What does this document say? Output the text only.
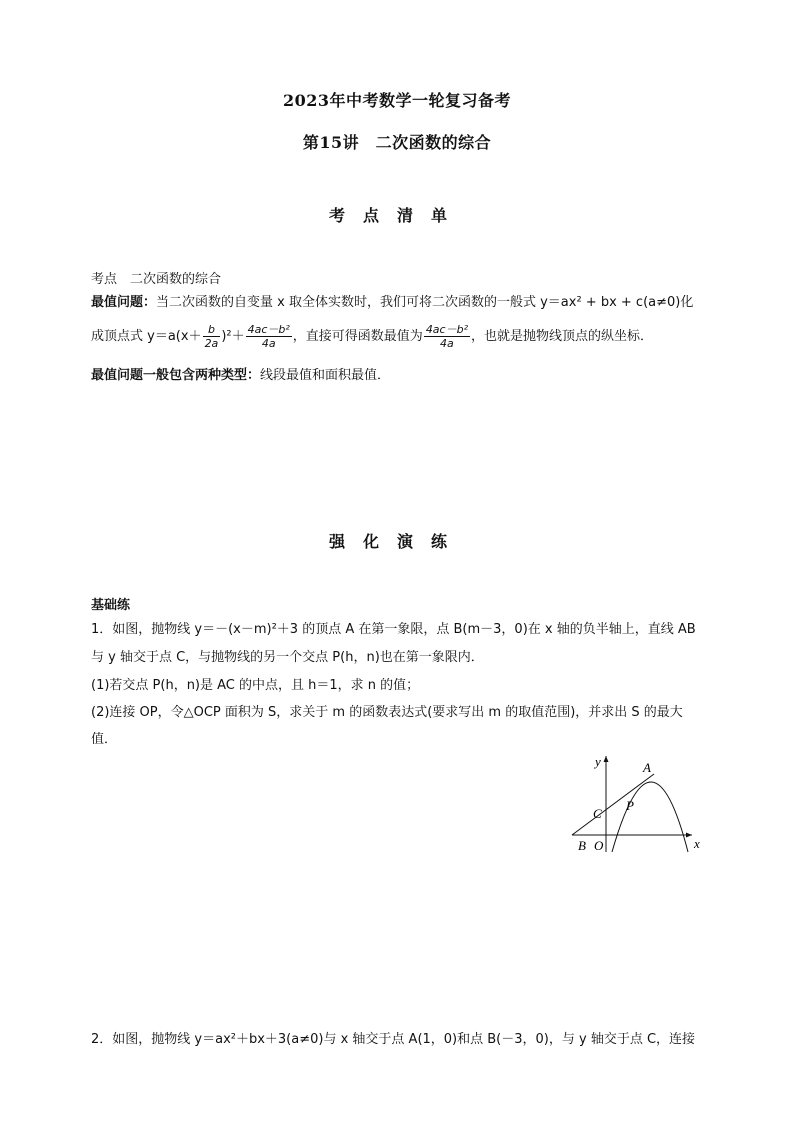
2023年中考数学一轮复习备考
第15讲　二次函数的综合
考点清单
考点　二次函数的综合
最值问题：当二次函数的自变量 x 取全体实数时，我们可将二次函数的一般式 y＝ax² + bx + c(a≠0)化
成顶点式 $y=a(x+ \frac{b}{2a} )^2+ \frac{\text{4ac－b²}}{4a}$ ，直接可得函数最值为 $\frac{\text{4ac－b²}}{4a}$ ，也就是抛物线顶点的纵坐标．
最值问题一般包含两种类型：线段最值和面积最值．
强化演练
基础练
1．如图，抛物线 y＝－(x－m)²＋3 的顶点 A 在第一象限，点 B(m－3，0)在 x 轴的负半轴上，直线 AB
与 y 轴交于点 C，与抛物线的另一个交点 P(h，n)也在第一象限内．
(1)若交点 P(h，n)是 AC 的中点，且 h＝1，求 n 的值；
(2)连接 OP，令△OCP 面积为 S，求关于 m 的函数表达式(要求写出 m 的取值范围)，并求出 S 的最大
值．
y
x
A
P
C
B O
2．如图，抛物线 y＝ax²＋bx＋3(a≠0)与 x 轴交于点 A(1，0)和点 B(－3，0)，与 y 轴交于点 C，连接
